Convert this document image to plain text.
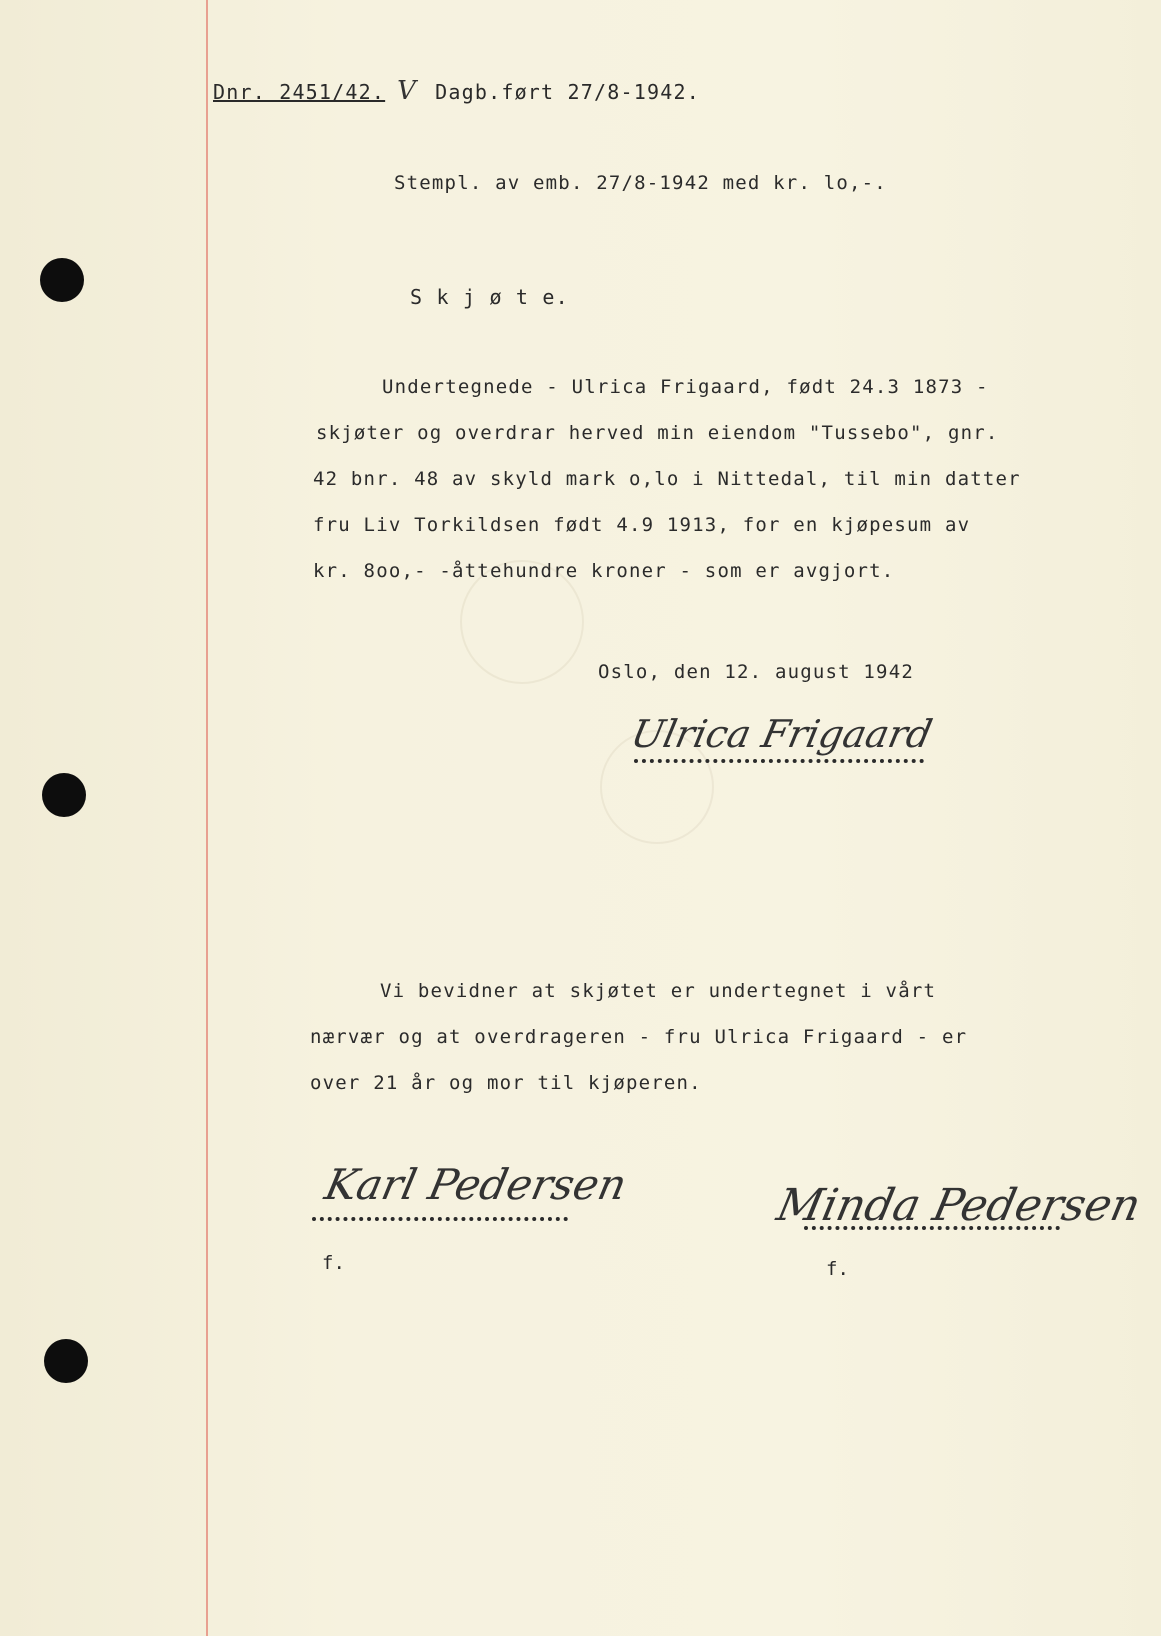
Dnr. 2451/42. V Dagb.ført 27/8-1942.
Stempl. av emb. 27/8-1942 med kr. lo,-.
S k j ø t e.
Undertegnede - Ulrica Frigaard, født 24.3 1873 -
skjøter og overdrar herved min eiendom "Tussebo", gnr.
42 bnr. 48 av skyld mark o,lo i Nittedal, til min datter
fru Liv Torkildsen født 4.9 1913, for en kjøpesum av
kr. 8oo,- -åttehundre kroner - som er avgjort.
Oslo, den 12. august 1942
Ulrica Frigaard
Vi bevidner at skjøtet er undertegnet i vårt
nærvær og at overdrageren - fru Ulrica Frigaard - er
over 21 år og mor til kjøperen.
Karl Pedersen	Minda Pedersen
f.	f.
